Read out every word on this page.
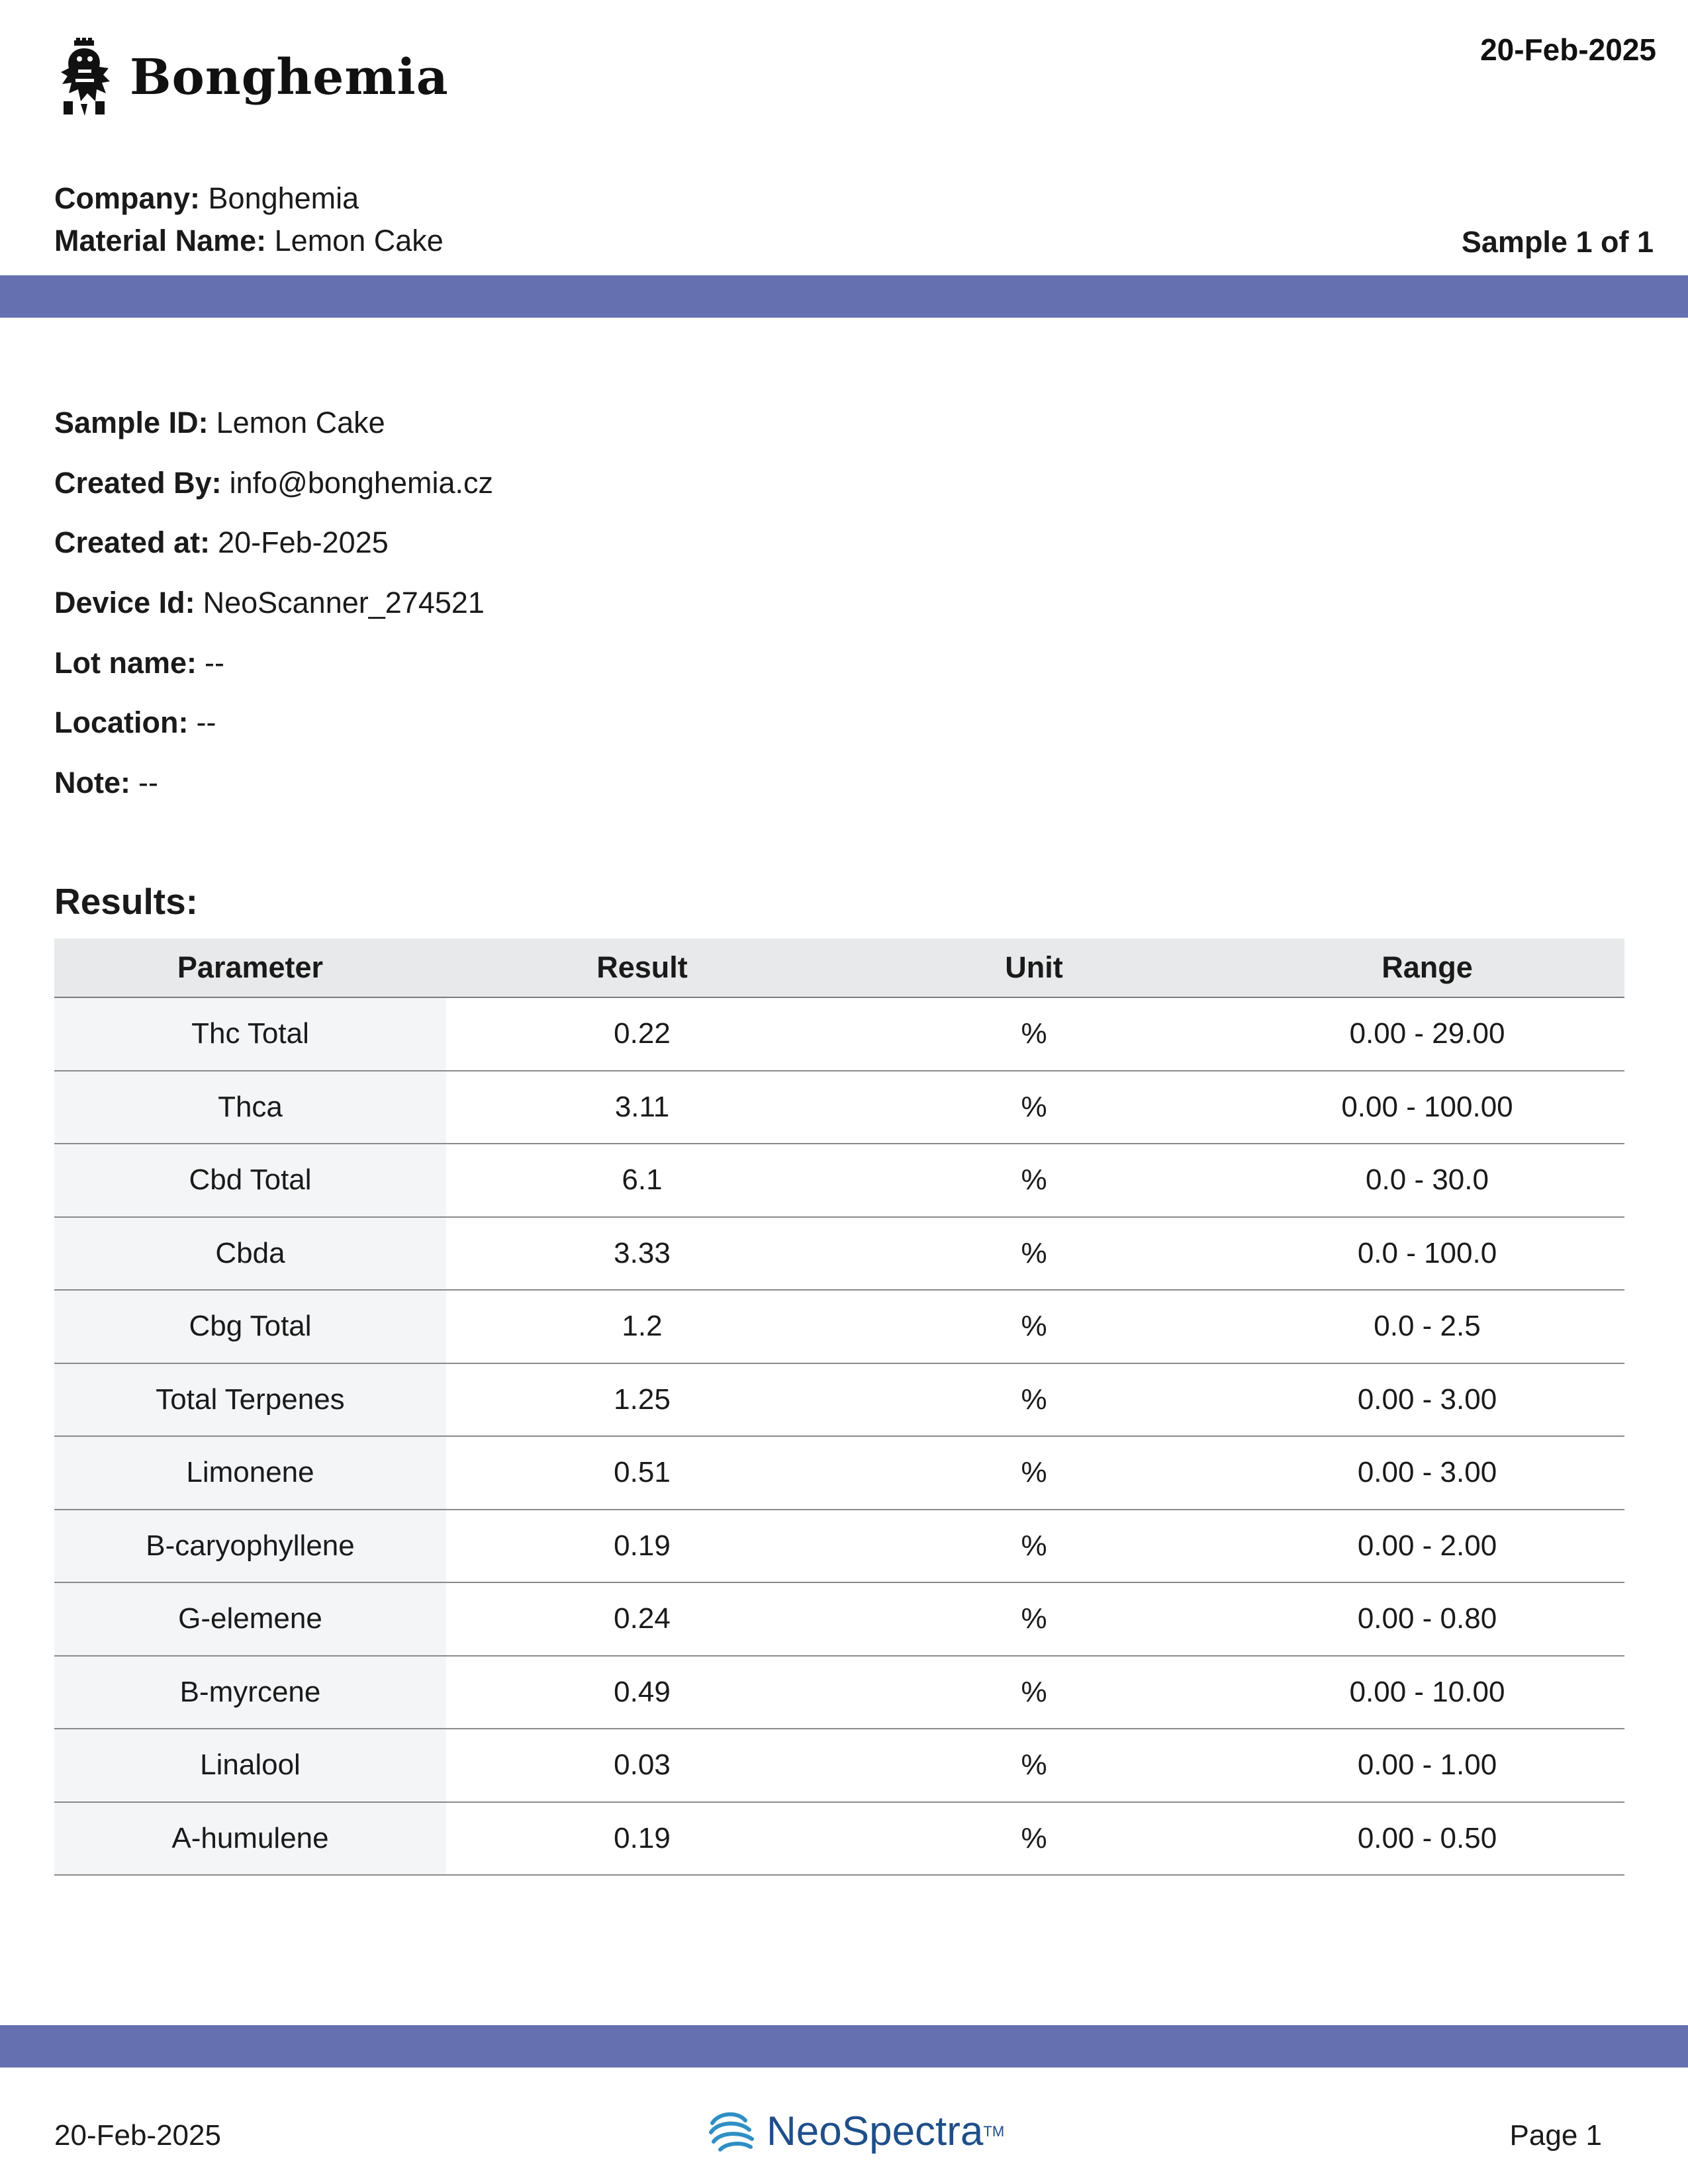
Bonghemia	20-Feb-2025
Company: Bonghemia
Material Name: Lemon Cake	Sample 1 of 1
Sample ID: Lemon Cake
Created By: info@bonghemia.cz
Created at: 20-Feb-2025
Device Id: NeoScanner_274521
Lot name: --
Location: --
Note: --
Results:
Parameter	Result	Unit	Range
Thc Total	0.22	%	0.00 - 29.00
Thca	3.11	%	0.00 - 100.00
Cbd Total	6.1	%	0.0 - 30.0
Cbda	3.33	%	0.0 - 100.0
Cbg Total	1.2	%	0.0 - 2.5
Total Terpenes	1.25	%	0.00 - 3.00
Limonene	0.51	%	0.00 - 3.00
B-caryophyllene	0.19	%	0.00 - 2.00
G-elemene	0.24	%	0.00 - 0.80
B-myrcene	0.49	%	0.00 - 10.00
Linalool	0.03	%	0.00 - 1.00
A-humulene	0.19	%	0.00 - 0.50
20-Feb-2025	NeoSpectra TM	Page 1
